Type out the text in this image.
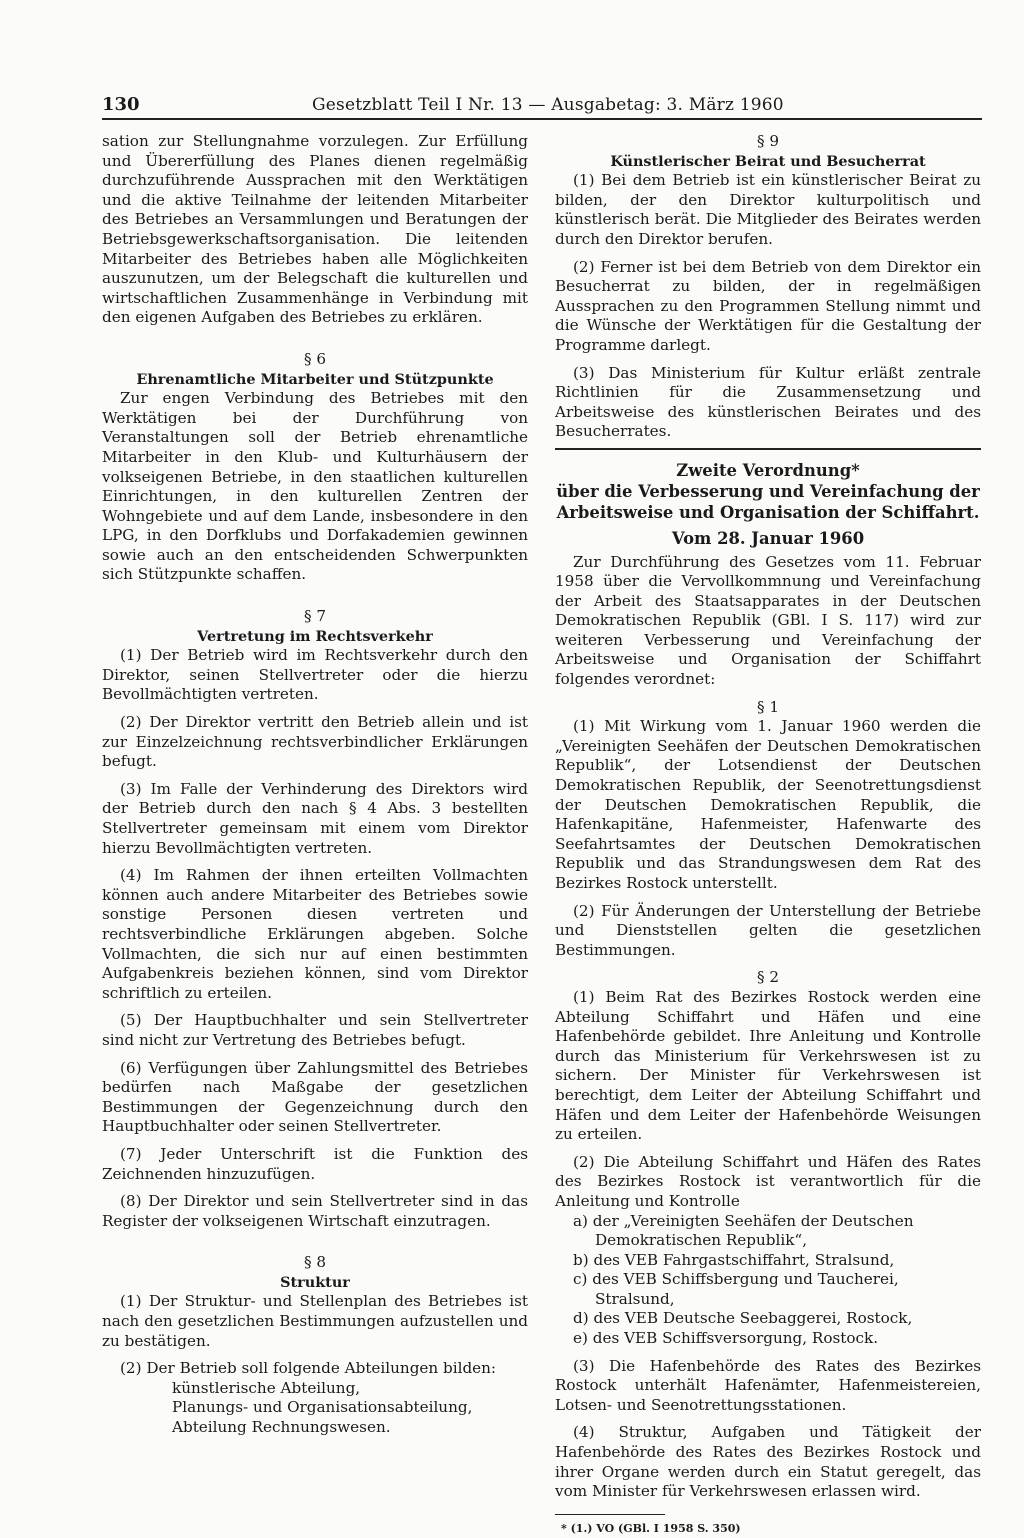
130	Gesetzblatt Teil I Nr. 13 — Ausgabetag: 3. März 1960

sation zur Stellungnahme vorzulegen. Zur Erfüllung und Übererfüllung des Planes dienen regelmäßig durchzuführende Aussprachen mit den Werktätigen und die aktive Teilnahme der leitenden Mitarbeiter des Betriebes an Versammlungen und Beratungen der Betriebsgewerkschaftsorganisation. Die leitenden Mitarbeiter des Betriebes haben alle Möglichkeiten auszunutzen, um der Belegschaft die kulturellen und wirtschaftlichen Zusammenhänge in Verbindung mit den eigenen Aufgaben des Betriebes zu erklären.

§ 6
Ehrenamtliche Mitarbeiter und Stützpunkte

Zur engen Verbindung des Betriebes mit den Werktätigen bei der Durchführung von Veranstaltungen soll der Betrieb ehrenamtliche Mitarbeiter in den Klub- und Kulturhäusern der volkseigenen Betriebe, in den staatlichen kulturellen Einrichtungen, in den kulturellen Zentren der Wohngebiete und auf dem Lande, insbesondere in den LPG, in den Dorfklubs und Dorfakademien gewinnen sowie auch an den entscheidenden Schwerpunkten sich Stützpunkte schaffen.

§ 7
Vertretung im Rechtsverkehr

(1) Der Betrieb wird im Rechtsverkehr durch den Direktor, seinen Stellvertreter oder die hierzu Bevollmächtigten vertreten.

(2) Der Direktor vertritt den Betrieb allein und ist zur Einzelzeichnung rechtsverbindlicher Erklärungen befugt.

(3) Im Falle der Verhinderung des Direktors wird der Betrieb durch den nach § 4 Abs. 3 bestellten Stellvertreter gemeinsam mit einem vom Direktor hierzu Bevollmächtigten vertreten.

(4) Im Rahmen der ihnen erteilten Vollmachten können auch andere Mitarbeiter des Betriebes sowie sonstige Personen diesen vertreten und rechtsverbindliche Erklärungen abgeben. Solche Vollmachten, die sich nur auf einen bestimmten Aufgabenkreis beziehen können, sind vom Direktor schriftlich zu erteilen.

(5) Der Hauptbuchhalter und sein Stellvertreter sind nicht zur Vertretung des Betriebes befugt.

(6) Verfügungen über Zahlungsmittel des Betriebes bedürfen nach Maßgabe der gesetzlichen Bestimmungen der Gegenzeichnung durch den Hauptbuchhalter oder seinen Stellvertreter.

(7) Jeder Unterschrift ist die Funktion des Zeichnenden hinzuzufügen.

(8) Der Direktor und sein Stellvertreter sind in das Register der volkseigenen Wirtschaft einzutragen.

§ 8
Struktur

(1) Der Struktur- und Stellenplan des Betriebes ist nach den gesetzlichen Bestimmungen aufzustellen und zu bestätigen.

(2) Der Betrieb soll folgende Abteilungen bilden:

künstlerische Abteilung,
Planungs- und Organisationsabteilung,
Abteilung Rechnungswesen.
§ 9
Künstlerischer Beirat und Besucherrat

(1) Bei dem Betrieb ist ein künstlerischer Beirat zu bilden, der den Direktor kulturpolitisch und künstlerisch berät. Die Mitglieder des Beirates werden durch den Direktor berufen.

(2) Ferner ist bei dem Betrieb von dem Direktor ein Besucherrat zu bilden, der in regelmäßigen Aussprachen zu den Programmen Stellung nimmt und die Wünsche der Werktätigen für die Gestaltung der Programme darlegt.

(3) Das Ministerium für Kultur erläßt zentrale Richtlinien für die Zusammensetzung und Arbeitsweise des künstlerischen Beirates und des Besucherrates.

Zweite Verordnung*
über die Verbesserung und Vereinfachung der
Arbeitsweise und Organisation der Schiffahrt.
Vom 28. Januar 1960

Zur Durchführung des Gesetzes vom 11. Februar 1958 über die Vervollkommnung und Vereinfachung der Arbeit des Staatsapparates in der Deutschen Demokratischen Republik (GBl. I S. 117) wird zur weiteren Verbesserung und Vereinfachung der Arbeitsweise und Organisation der Schiffahrt folgendes verordnet:

§ 1

(1) Mit Wirkung vom 1. Januar 1960 werden die „Vereinigten Seehäfen der Deutschen Demokratischen Republik“, der Lotsendienst der Deutschen Demokratischen Republik, der Seenotrettungsdienst der Deutschen Demokratischen Republik, die Hafenkapitäne, Hafenmeister, Hafenwarte des Seefahrtsamtes der Deutschen Demokratischen Republik und das Strandungswesen dem Rat des Bezirkes Rostock unterstellt.

(2) Für Änderungen der Unterstellung der Betriebe und Dienststellen gelten die gesetzlichen Bestimmungen.

§ 2

(1) Beim Rat des Bezirkes Rostock werden eine Abteilung Schiffahrt und Häfen und eine Hafenbehörde gebildet. Ihre Anleitung und Kontrolle durch das Ministerium für Verkehrswesen ist zu sichern. Der Minister für Verkehrswesen ist berechtigt, dem Leiter der Abteilung Schiffahrt und Häfen und dem Leiter der Hafenbehörde Weisungen zu erteilen.

(2) Die Abteilung Schiffahrt und Häfen des Rates des Bezirkes Rostock ist verantwortlich für die Anleitung und Kontrolle

a) der „Vereinigten Seehäfen der Deutschen Demokratischen Republik“,
b) des VEB Fahrgastschiffahrt, Stralsund,
c) des VEB Schiffsbergung und Taucherei, Stralsund,
d) des VEB Deutsche Seebaggerei, Rostock,
e) des VEB Schiffsversorgung, Rostock.

(3) Die Hafenbehörde des Rates des Bezirkes Rostock unterhält Hafenämter, Hafenmeistereien, Lotsen- und Seenotrettungsstationen.

(4) Struktur, Aufgaben und Tätigkeit der Hafenbehörde des Rates des Bezirkes Rostock und ihrer Organe werden durch ein Statut geregelt, das vom Minister für Verkehrswesen erlassen wird.

* (1.) VO (GBl. I 1958 S. 350)
